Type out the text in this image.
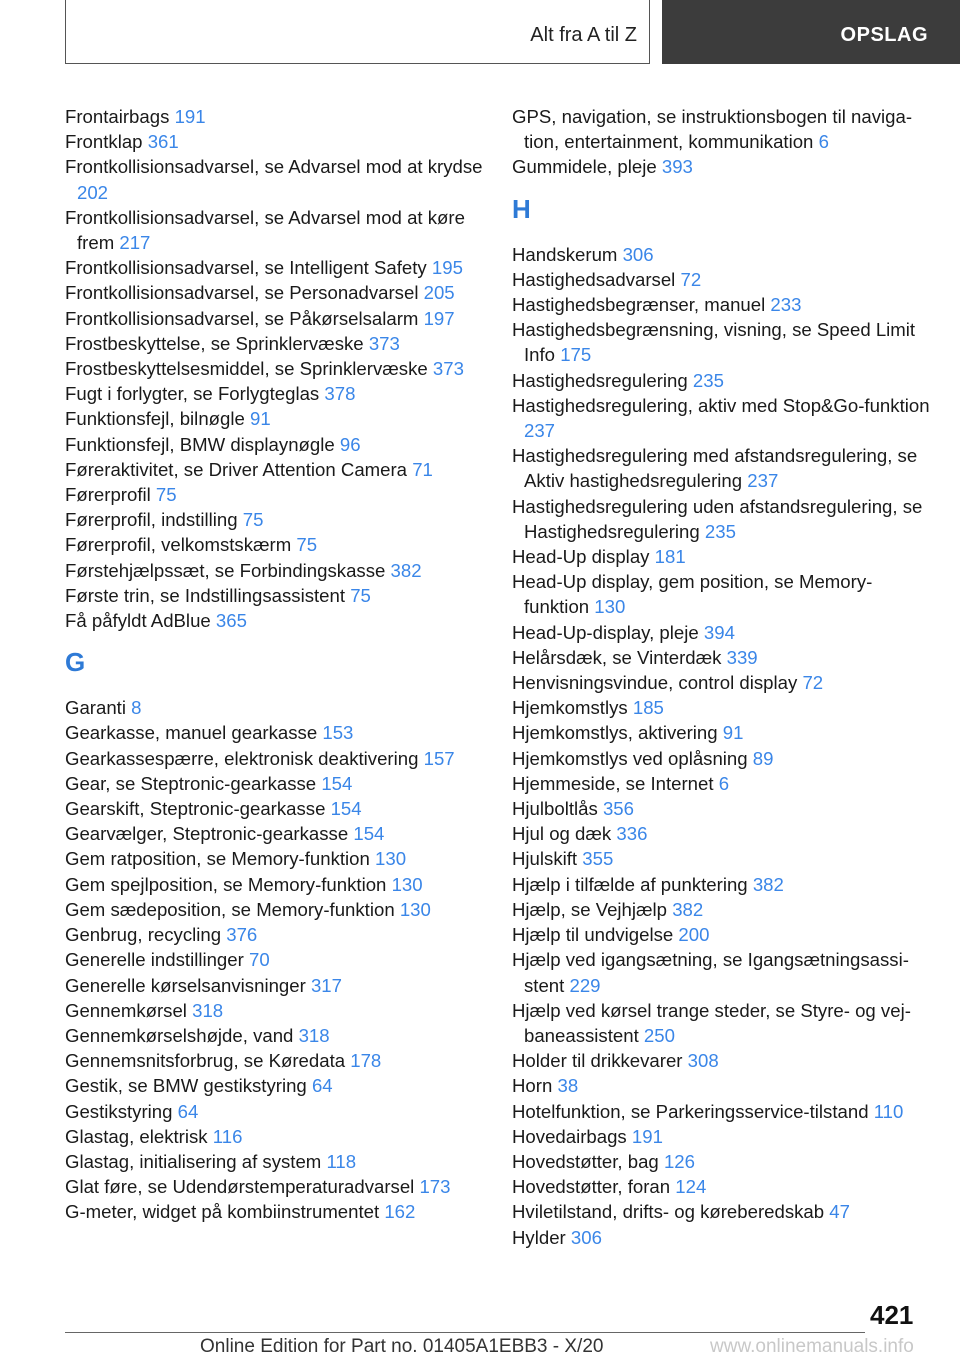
Alt fra A til Z	OPSLAG
Frontairbags 191
Frontklap 361
Frontkollisionsadvarsel, se Advarsel mod at krydse 202
Frontkollisionsadvarsel, se Advarsel mod at køre frem 217
Frontkollisionsadvarsel, se Intelligent Safety 195
Frontkollisionsadvarsel, se Personadvarsel 205
Frontkollisionsadvarsel, se Påkørselsalarm 197
Frostbeskyttelse, se Sprinklervæske 373
Frostbeskyttelsesmiddel, se Sprinklervæske 373
Fugt i forlygter, se Forlygteglas 378
Funktionsfejl, bilnøgle 91
Funktionsfejl, BMW displaynøgle 96
Føreraktivitet, se Driver Attention Camera 71
Førerprofil 75
Førerprofil, indstilling 75
Førerprofil, velkomstskærm 75
Førstehjælpssæt, se Forbindingskasse 382
Første trin, se Indstillingsassistent 75
Få påfyldt AdBlue 365
G
Garanti 8
Gearkasse, manuel gearkasse 153
Gearkassespærre, elektronisk deaktivering 157
Gear, se Steptronic-gearkasse 154
Gearskift, Steptronic-gearkasse 154
Gearvælger, Steptronic-gearkasse 154
Gem ratposition, se Memory-funktion 130
Gem spejlposition, se Memory-funktion 130
Gem sædeposition, se Memory-funktion 130
Genbrug, recycling 376
Generelle indstillinger 70
Generelle kørselsanvisninger 317
Gennemkørsel 318
Gennemkørselshøjde, vand 318
Gennemsnitsforbrug, se Køredata 178
Gestik, se BMW gestikstyring 64
Gestikstyring 64
Glastag, elektrisk 116
Glastag, initialisering af system 118
Glat føre, se Udendørstemperaturadvarsel 173
G-meter, widget på kombiinstrumentet 162
GPS, navigation, se instruktionsbogen til navigation, entertainment, kommunikation 6
Gummidele, pleje 393
H
Handskerum 306
Hastighedsadvarsel 72
Hastighedsbegrænser, manuel 233
Hastighedsbegrænsning, visning, se Speed Limit Info 175
Hastighedsregulering 235
Hastighedsregulering, aktiv med Stop&Go-funktion 237
Hastighedsregulering med afstandsregulering, se Aktiv hastighedsregulering 237
Hastighedsregulering uden afstandsregulering, se Hastighedsregulering 235
Head-Up display 181
Head-Up display, gem position, se Memory-funktion 130
Head-Up-display, pleje 394
Helårsdæk, se Vinterdæk 339
Henvisningsvindue, control display 72
Hjemkomstlys 185
Hjemkomstlys, aktivering 91
Hjemkomstlys ved oplåsning 89
Hjemmeside, se Internet 6
Hjulboltlås 356
Hjul og dæk 336
Hjulskift 355
Hjælp i tilfælde af punktering 382
Hjælp, se Vejhjælp 382
Hjælp til undvigelse 200
Hjælp ved igangsætning, se Igangsætningsassistent 229
Hjælp ved kørsel trange steder, se Styre- og vejbaneassistent 250
Holder til drikkevarer 308
Horn 38
Hotelfunktion, se Parkeringsservice-tilstand 110
Hovedairbags 191
Hovedstøtter, bag 126
Hovedstøtter, foran 124
Hviletilstand, drifts- og køreberedskab 47
Hylder 306
421
Online Edition for Part no. 01405A1EBB3 - X/20	www.onlinemanuals.info
